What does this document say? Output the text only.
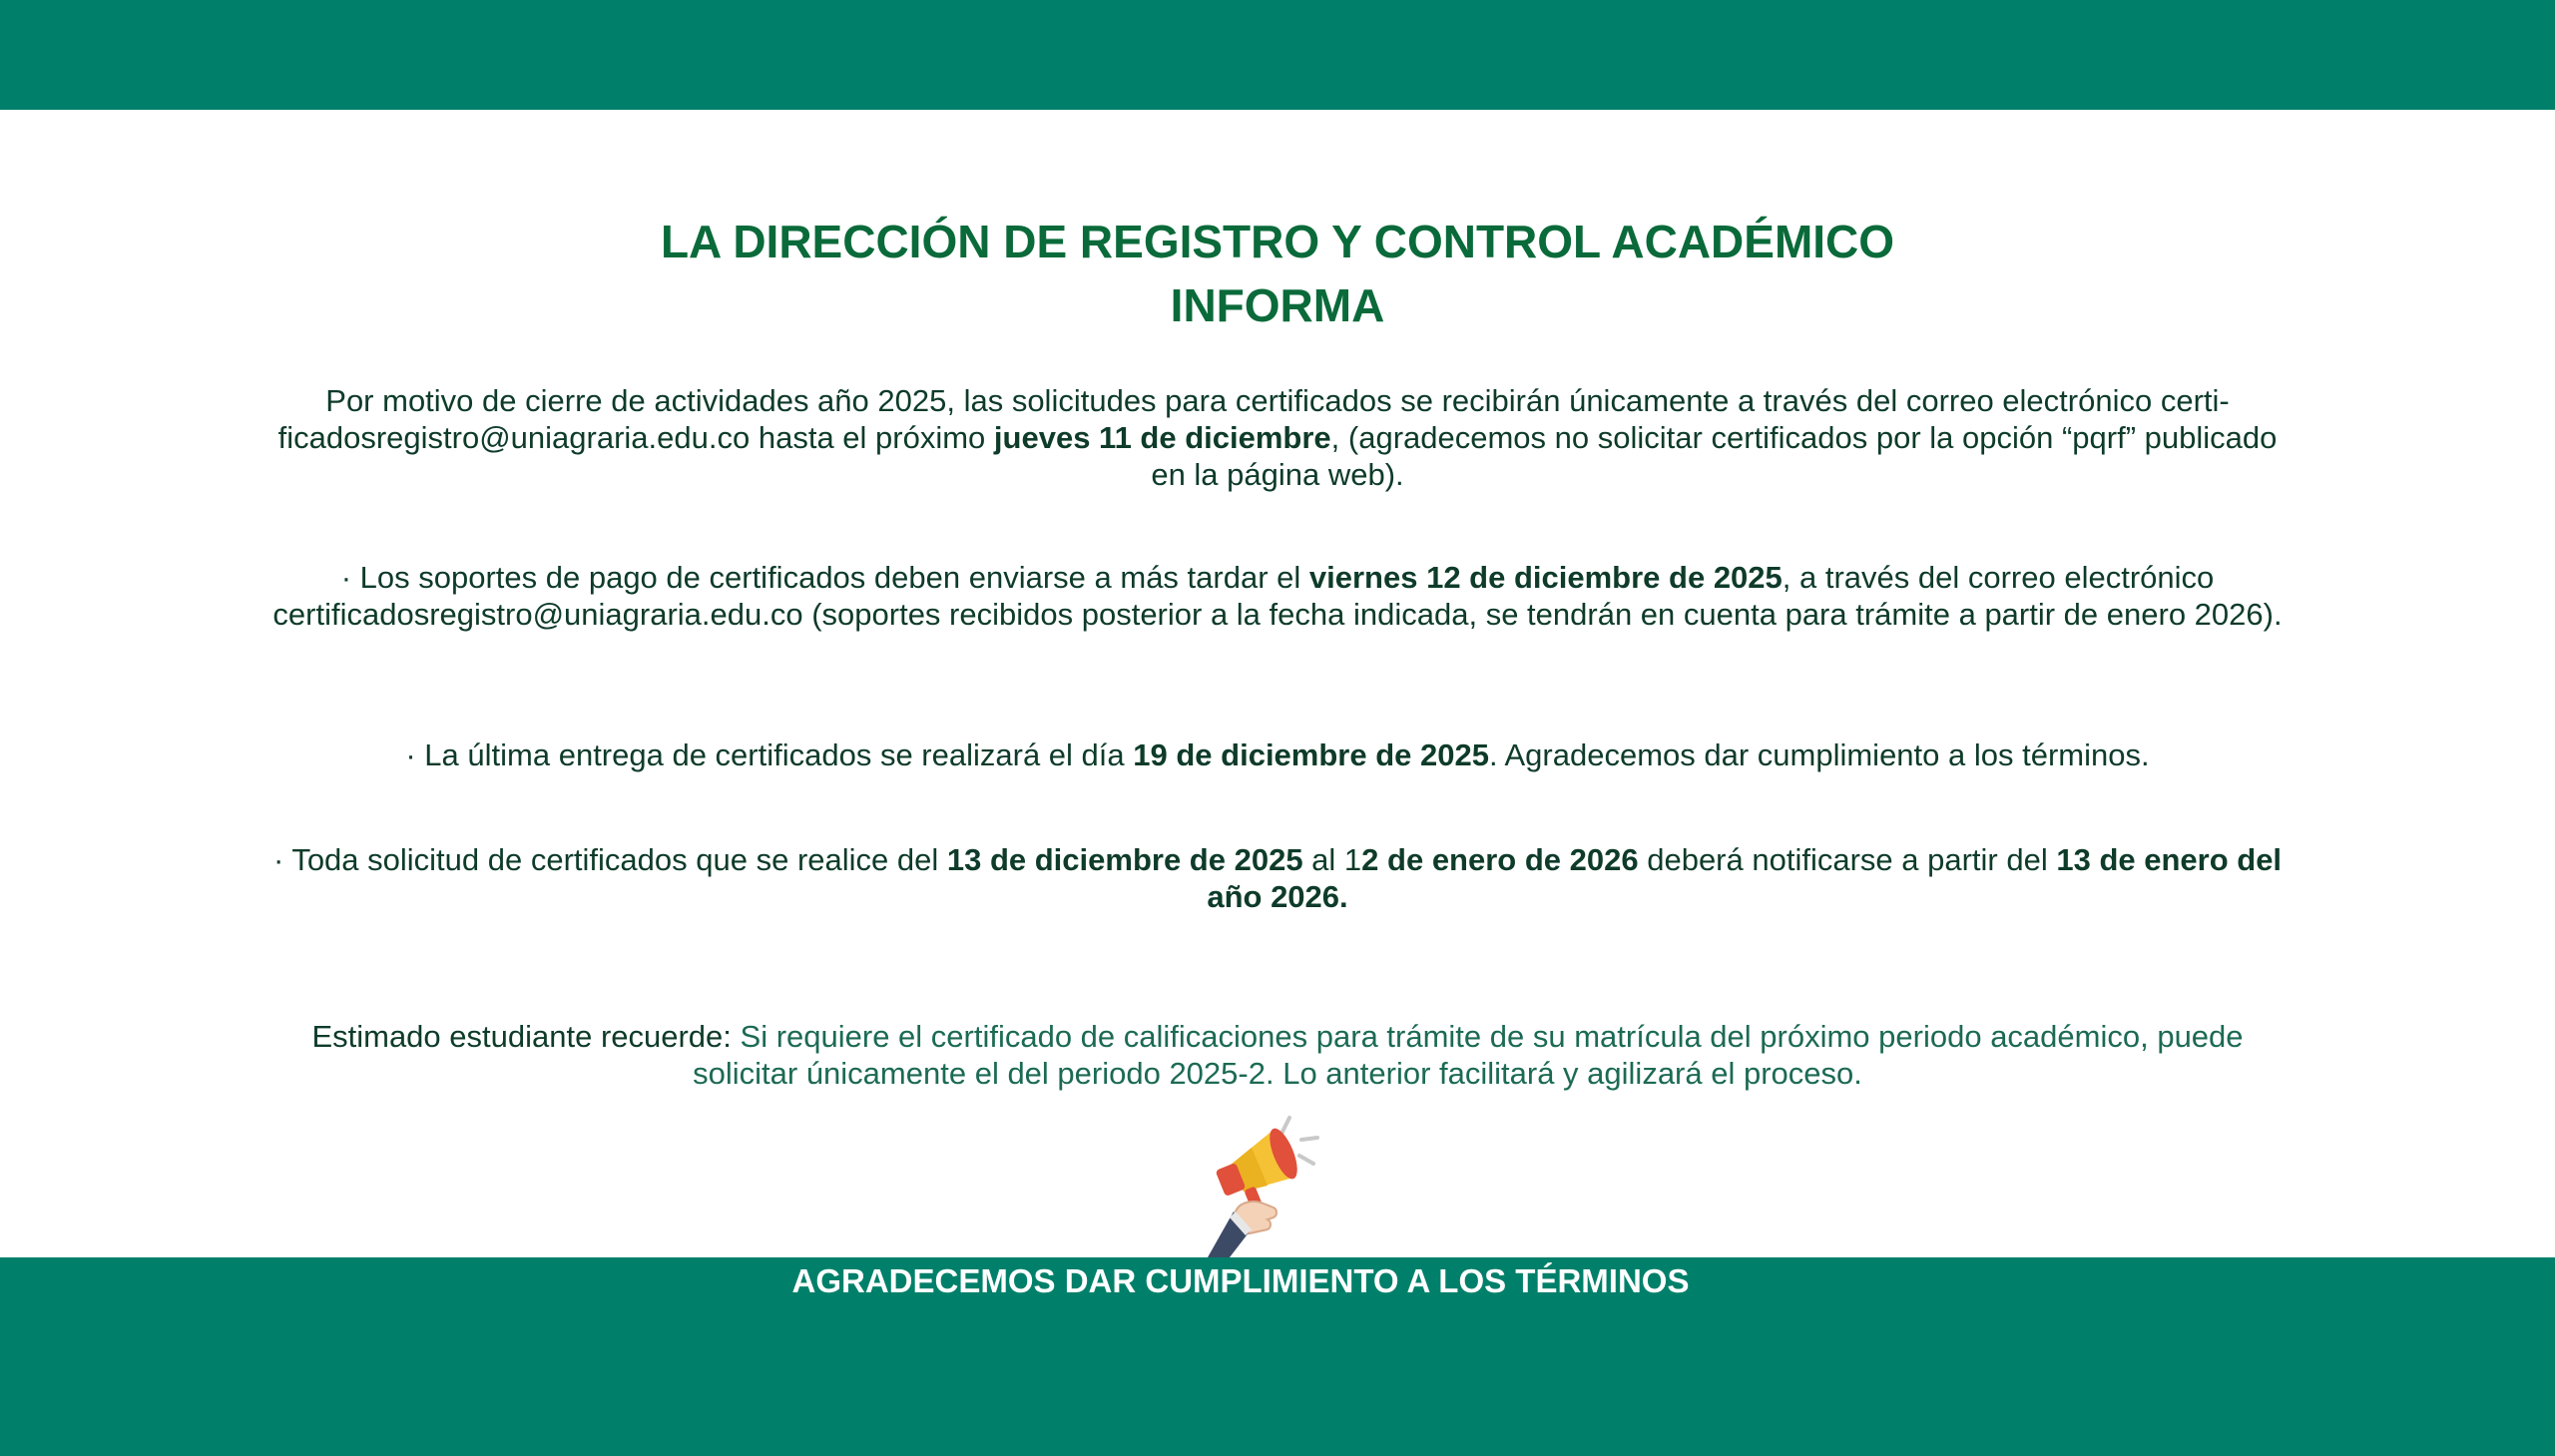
LA DIRECCIÓN DE REGISTRO Y CONTROL ACADÉMICO
INFORMA
Por motivo de cierre de actividades año 2025, las solicitudes para certificados se recibirán únicamente a través del correo electrónico certi-ficadosregistro@uniagraria.edu.co hasta el próximo jueves 11 de diciembre, (agradecemos no solicitar certificados por la opción “pqrf” publicado en la página web).
· Los soportes de pago de certificados deben enviarse a más tardar el viernes 12 de diciembre de 2025, a través del correo electrónico certificadosregistro@uniagraria.edu.co (soportes recibidos posterior a la fecha indicada, se tendrán en cuenta para trámite a partir de enero 2026).
· La última entrega de certificados se realizará el día 19 de diciembre de 2025. Agradecemos dar cumplimiento a los términos.
· Toda solicitud de certificados que se realice del 13 de diciembre de 2025 al 12 de enero de 2026 deberá notificarse a partir del 13 de enero del año 2026.
Estimado estudiante recuerde: Si requiere el certificado de calificaciones para trámite de su matrícula del próximo periodo académico, puede solicitar únicamente el del periodo 2025-2. Lo anterior facilitará y agilizará el proceso.
AGRADECEMOS DAR CUMPLIMIENTO A LOS TÉRMINOS
